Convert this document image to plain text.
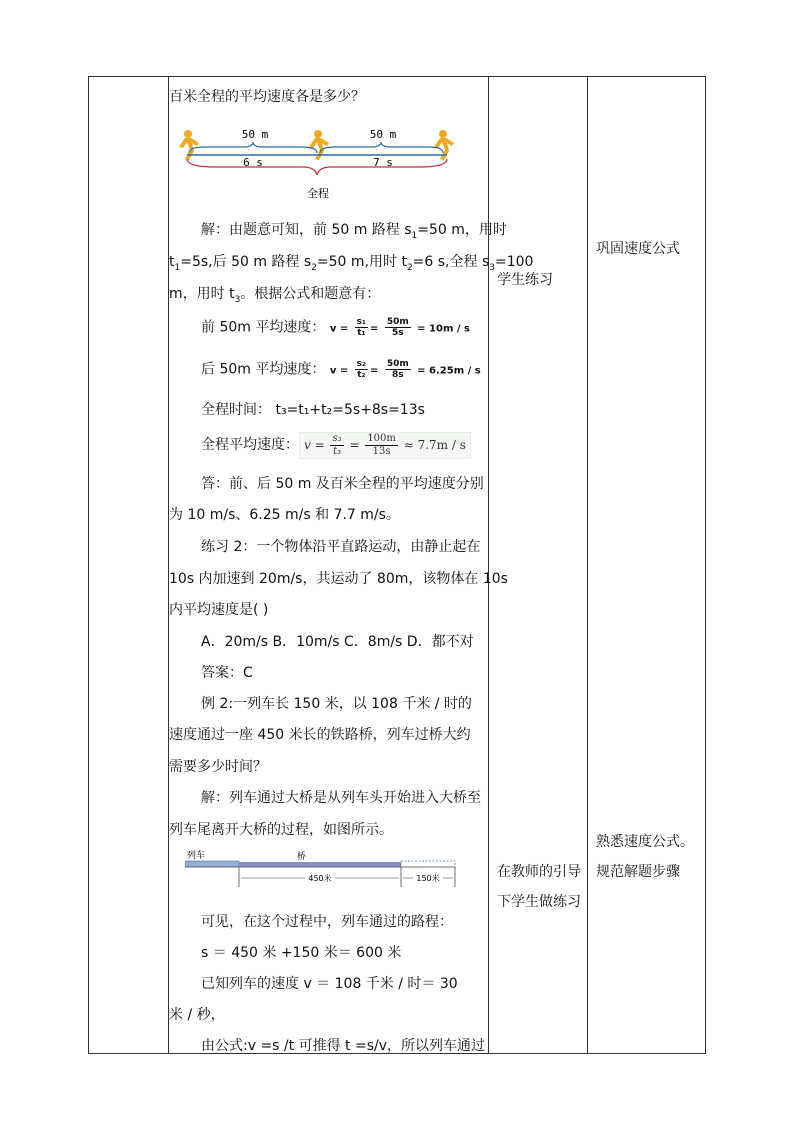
百米全程的平均速度各是多少？
50 m
6 s
50 m
7 s
全程
解：由题意可知，前 50 m 路程 $s_1=50$ m，用时
$t_1=5s$,后 50 m 路程 $s_2=50$ m,用时 $t_2=6$ s,全程 $s_3=100$
m，用时 $t_3$。根据公式和题意有：
前 50m 平均速度： $v = \frac{\text{s₁}}{\text{t₁}} = \frac{50m}{5s} = 10m / s$
后 50m 平均速度： $v = \frac{\text{s₂}}{\text{t₂}} = \frac{50m}{8s} = 6.25m / s$
全程时间： t₃=t₁+t₂=5s+8s=13s
全程平均速度： $v = \frac{\text{s₃}}{\text{t₃}} = \frac{100m}{13s} \approx 7.7m / s$
答：前、后 50 m 及百米全程的平均速度分别
为 10 m/s、6.25 m/s 和 7.7 m/s。
练习 2：一个物体沿平直路运动，由静止起在
10s 内加速到 20m/s，共运动了 80m，该物体在 10s
内平均速度是( )
A．20m/s B．10m/s C．8m/s D．都不对
答案：C
例 2:一列车长 150 米，以 108 千米 / 时的
速度通过一座 450 米长的铁路桥，列车过桥大约
需要多少时间？
解：列车通过大桥是从列车头开始进入大桥至
列车尾离开大桥的过程，如图所示。
列车	桥
450米	150米
可见，在这个过程中，列车通过的路程：
s ＝ 450 米 +150 米＝ 600 米
已知列车的速度 v ＝ 108 千米 / 时＝ 30
米 / 秒，
由公式:v =s /t 可推得 t =s/v，所以列车通过
学生练习
在教师的引导
下学生做练习
巩固速度公式
熟悉速度公式。
规范解题步骤
